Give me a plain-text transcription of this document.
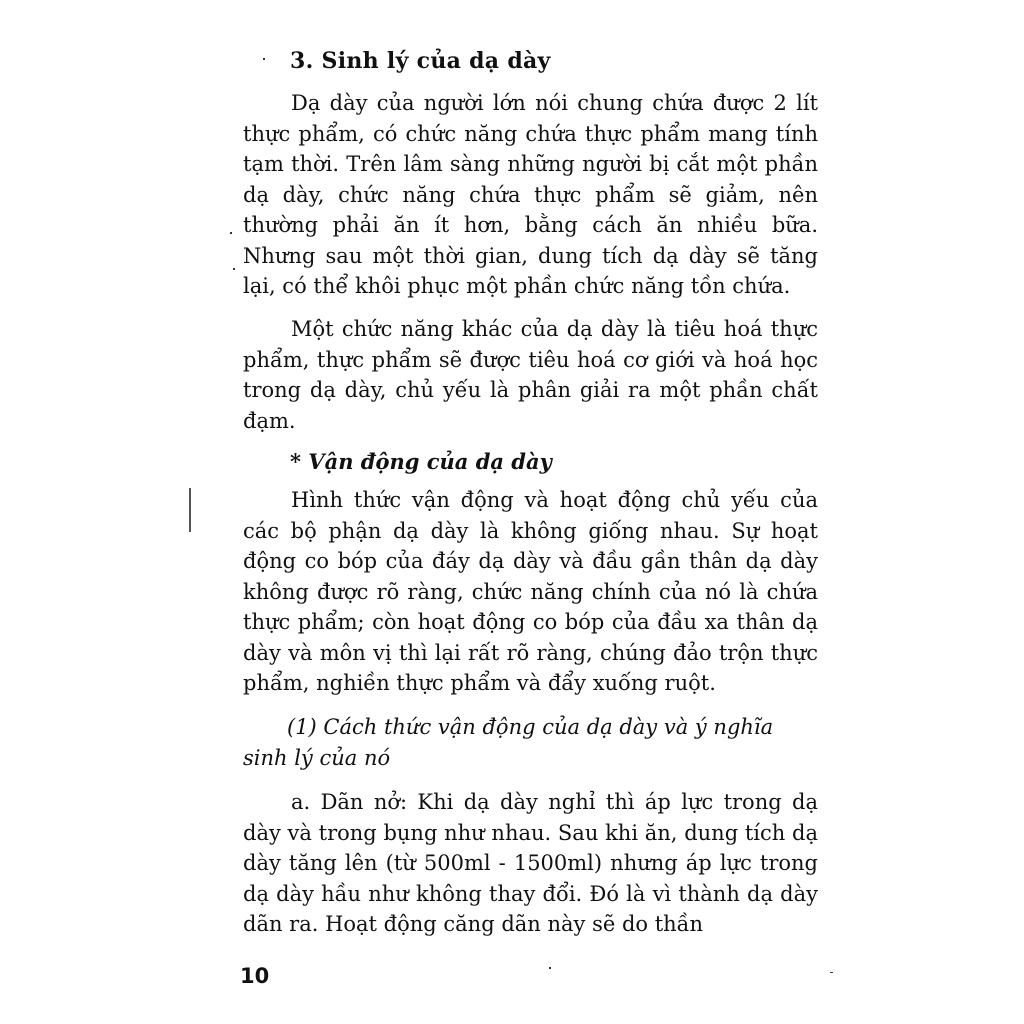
3. Sinh lý của dạ dày

Dạ dày của người lớn nói chung chứa được 2 lít thực phẩm, có chức năng chứa thực phẩm mang tính tạm thời. Trên lâm sàng những người bị cắt một phần dạ dày, chức năng chứa thực phẩm sẽ giảm, nên thường phải ăn ít hơn, bằng cách ăn nhiều bữa. Nhưng sau một thời gian, dung tích dạ dày sẽ tăng lại, có thể khôi phục một phần chức năng tồn chứa.

Một chức năng khác của dạ dày là tiêu hoá thực phẩm, thực phẩm sẽ được tiêu hoá cơ giới và hoá học trong dạ dày, chủ yếu là phân giải ra một phần chất đạm.

* Vận động của dạ dày

Hình thức vận động và hoạt động chủ yếu của các bộ phận dạ dày là không giống nhau. Sự hoạt động co bóp của đáy dạ dày và đầu gần thân dạ dày không được rõ ràng, chức năng chính của nó là chứa thực phẩm; còn hoạt động co bóp của đầu xa thân dạ dày và môn vị thì lại rất rõ ràng, chúng đảo trộn thực phẩm, nghiền thực phẩm và đẩy xuống ruột.

(1) Cách thức vận động của dạ dày và ý nghĩa sinh lý của nó

a. Dãn nở: Khi dạ dày nghỉ thì áp lực trong dạ dày và trong bụng như nhau. Sau khi ăn, dung tích dạ dày tăng lên (từ 500ml - 1500ml) nhưng áp lực trong dạ dày hầu như không thay đổi. Đó là vì thành dạ dày dãn ra. Hoạt động căng dãn này sẽ do thần

10
